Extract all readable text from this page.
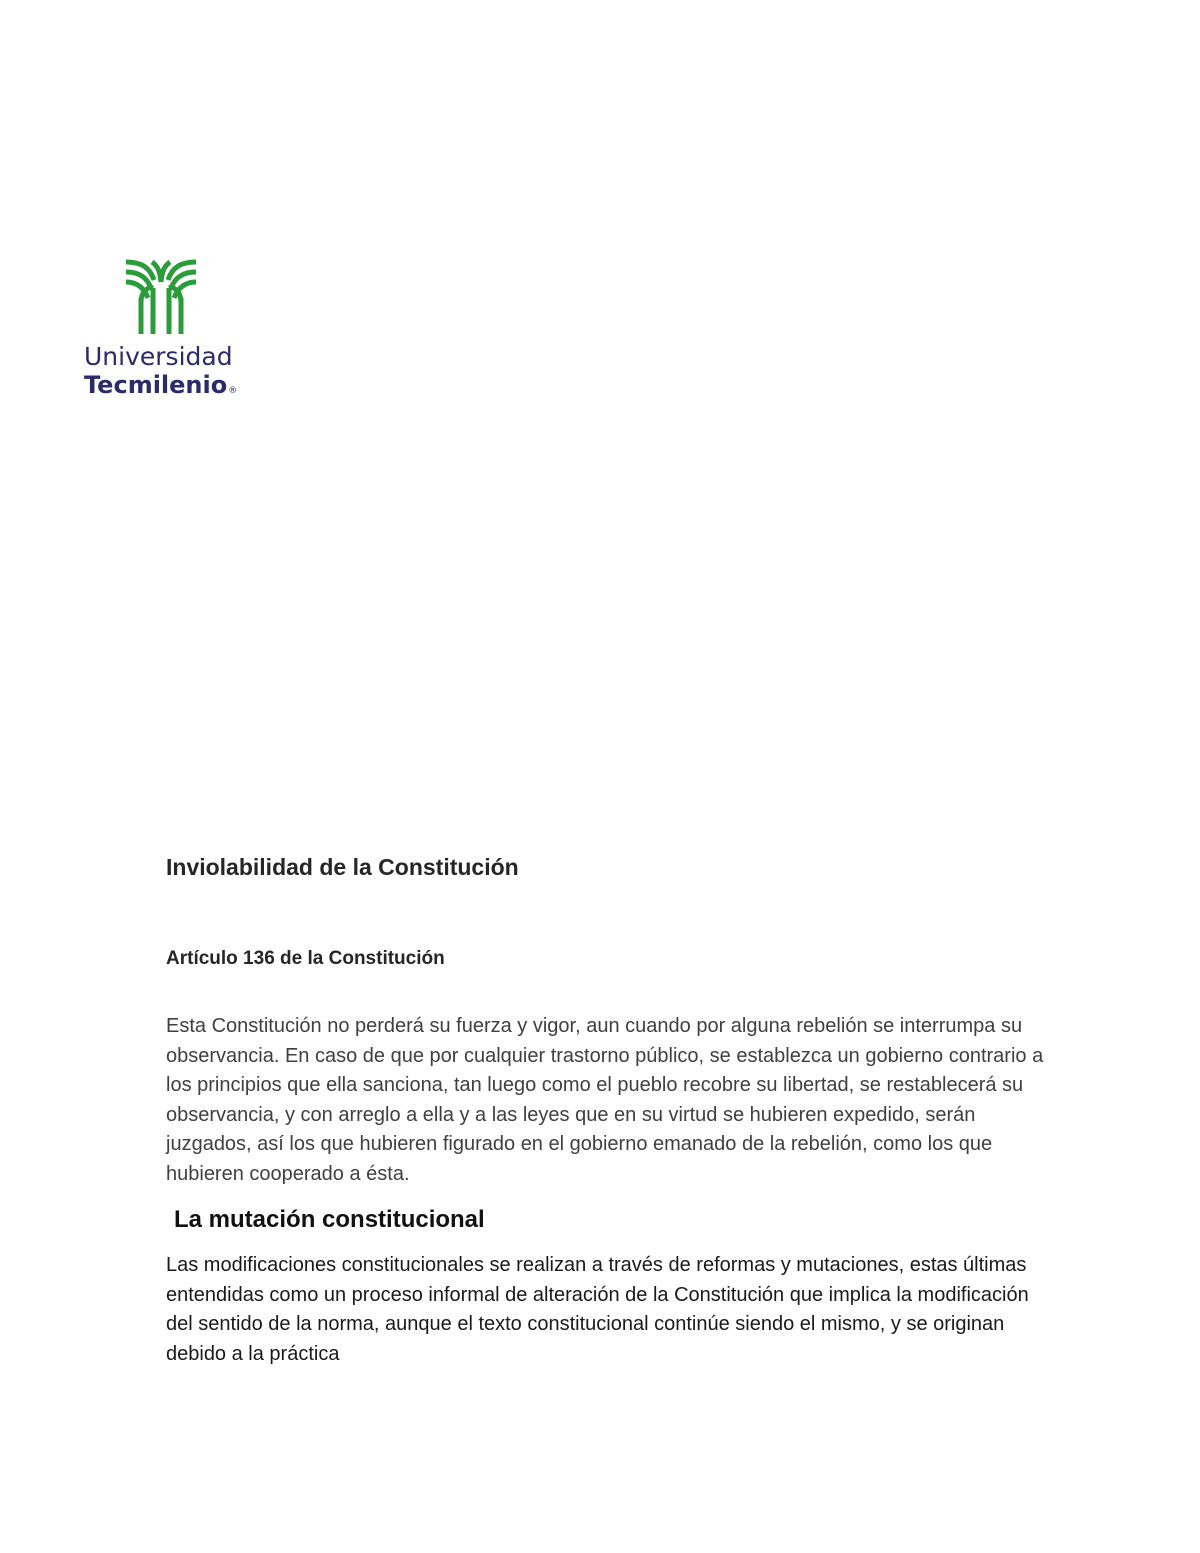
Universidad
Tecmilenio®
Inviolabilidad de la Constitución
Artículo 136 de la Constitución

Esta Constitución no perderá su fuerza y vigor, aun cuando por alguna rebelión se interrumpa su observancia. En caso de que por cualquier trastorno público, se establezca un gobierno contrario a los principios que ella sanciona, tan luego como el pueblo recobre su libertad, se restablecerá su observancia, y con arreglo a ella y a las leyes que en su virtud se hubieren expedido, serán juzgados, así los que hubieren figurado en el gobierno emanado de la rebelión, como los que hubieren cooperado a ésta.

La mutación constitucional

Las modificaciones constitucionales se realizan a través de reformas y mutaciones, estas últimas entendidas como un proceso informal de alteración de la Constitución que implica la modificación del sentido de la norma, aunque el texto constitucional continúe siendo el mismo, y se originan debido a la práctica
